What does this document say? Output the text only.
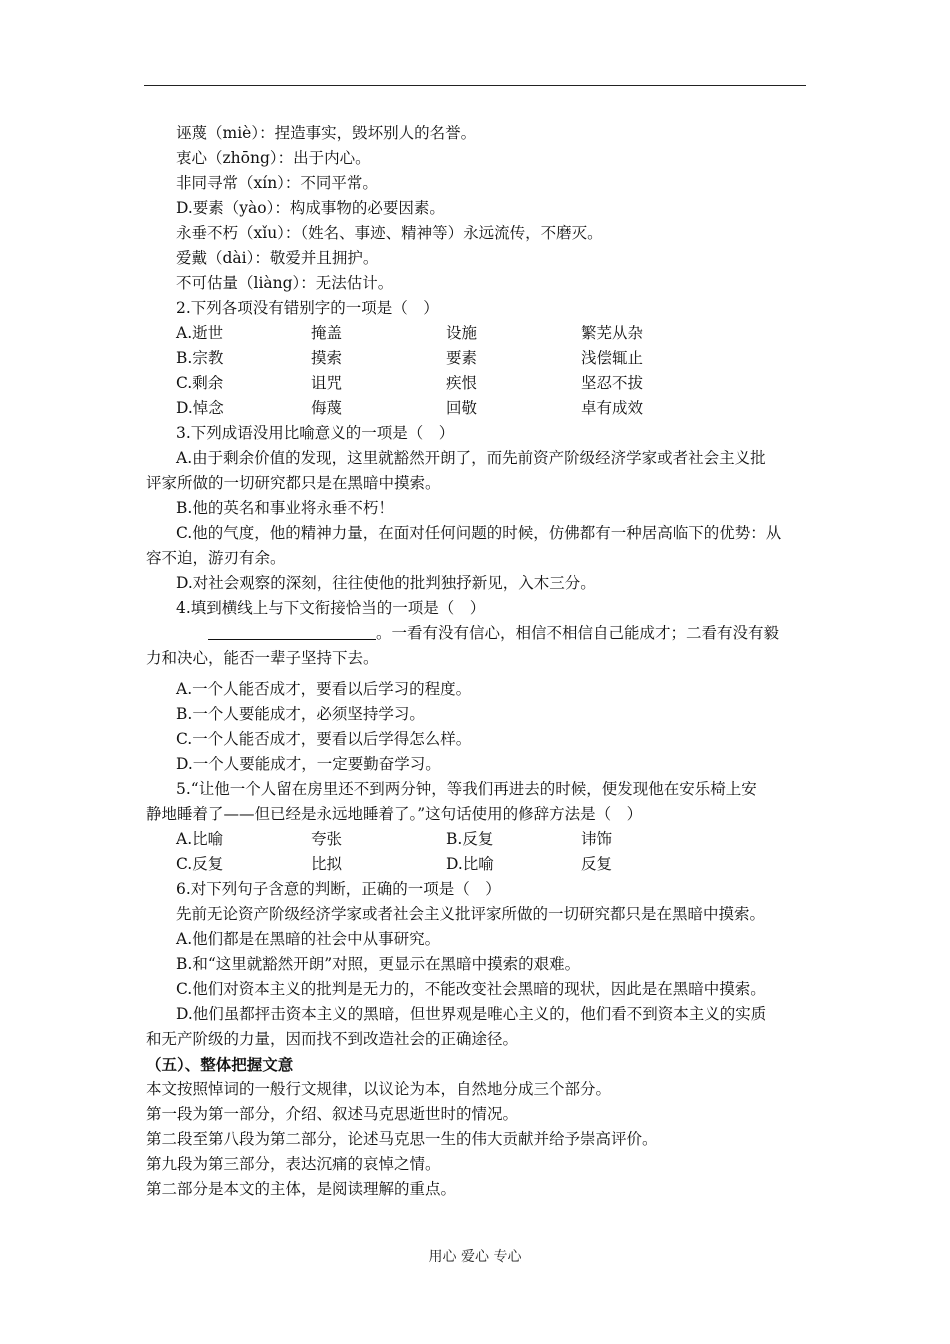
诬蔑（miè）：捏造事实，毁坏别人的名誉。
衷心（zhōng）：出于内心。
非同寻常（xín）：不同平常。
D.要素（yào）：构成事物的必要因素。
永垂不朽（xǐu）：（姓名、事迹、精神等）永远流传，不磨灭。
爱戴（dài）：敬爱并且拥护。
不可估量（liàng）：无法估计。
2.下列各项没有错别字的一项是（　）
A.逝世	掩盖	设施	繁芜从杂
B.宗教	摸索	要素	浅偿辄止
C.剩余	诅咒	疾恨	坚忍不拔
D.悼念	侮蔑	回敬	卓有成效
3.下列成语没用比喻意义的一项是（　）
A.由于剩余价值的发现，这里就豁然开朗了，而先前资产阶级经济学家或者社会主义批
评家所做的一切研究都只是在黑暗中摸索。
B.他的英名和事业将永垂不朽！
C.他的气度，他的精神力量，在面对任何问题的时候，仿佛都有一种居高临下的优势：从
容不迫，游刃有余。
D.对社会观察的深刻，往往使他的批判独抒新见，入木三分。
4.填到横线上与下文衔接恰当的一项是（　）
。一看有没有信心，相信不相信自己能成才；二看有没有毅
力和决心，能否一辈子坚持下去。
A.一个人能否成才，要看以后学习的程度。
B.一个人要能成才，必须坚持学习。
C.一个人能否成才，要看以后学得怎么样。
D.一个人要能成才，一定要勤奋学习。
5.“让他一个人留在房里还不到两分钟，等我们再进去的时候，便发现他在安乐椅上安
静地睡着了——但已经是永远地睡着了。”这句话使用的修辞方法是（　）
A.比喻	夸张	B.反复	讳饰
C.反复	比拟	D.比喻	反复
6.对下列句子含意的判断，正确的一项是（　）
先前无论资产阶级经济学家或者社会主义批评家所做的一切研究都只是在黑暗中摸索。
A.他们都是在黑暗的社会中从事研究。
B.和“这里就豁然开朗”对照，更显示在黑暗中摸索的艰难。
C.他们对资本主义的批判是无力的，不能改变社会黑暗的现状，因此是在黑暗中摸索。
D.他们虽都抨击资本主义的黑暗，但世界观是唯心主义的，他们看不到资本主义的实质
和无产阶级的力量，因而找不到改造社会的正确途径。
（五）、整体把握文意
本文按照悼词的一般行文规律，以议论为本，自然地分成三个部分。
第一段为第一部分，介绍、叙述马克思逝世时的情况。
第二段至第八段为第二部分，论述马克思一生的伟大贡献并给予崇高评价。
第九段为第三部分，表达沉痛的哀悼之情。
第二部分是本文的主体，是阅读理解的重点。
用心 爱心 专心
